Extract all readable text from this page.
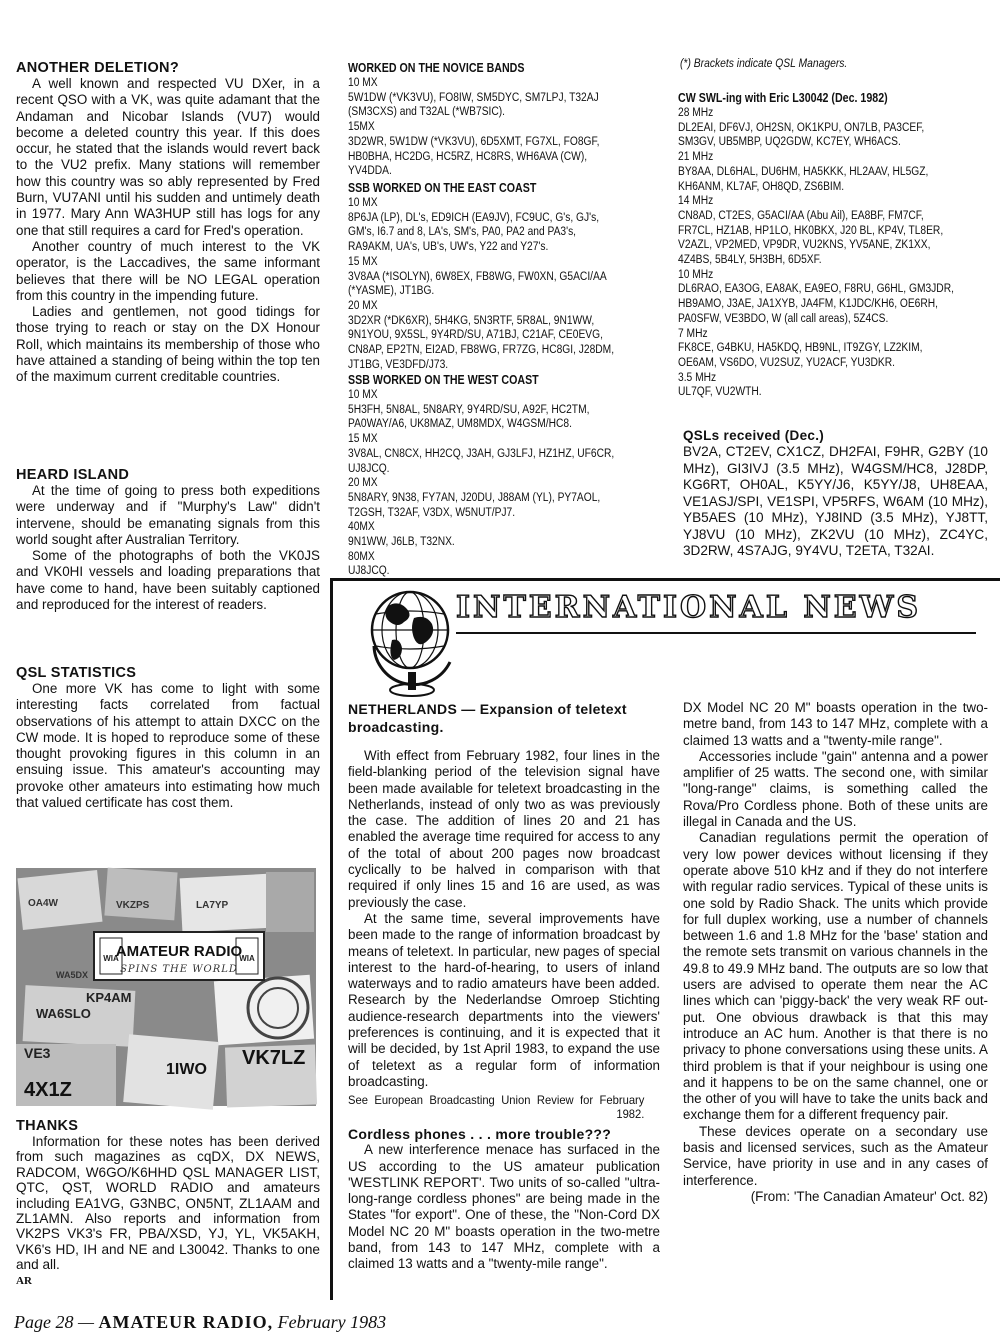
ANOTHER DELETION?

A well known and respected VU DXer, in a recent QSO with a VK, was quite adamant that the Andaman and Nicobar Islands (VU7) would become a deleted country this year. If this does occur, he stated that the islands would revert back to the VU2 prefix. Many stations will remember how this country was so ably represented by Fred Burn, VU7ANI until his sudden and untimely death in 1977. Mary Ann WA3HUP still has logs for any one that still requires a card for Fred's operation.

Another country of much interest to the VK operator, is the Laccadives, the same informant believes that there will be NO LEGAL operation from this country in the impending future.

Ladies and gentlemen, not good tidings for those trying to reach or stay on the DX Honour Roll, which maintains its membership of those who have attained a standing of being within the top ten of the maximum current creditable countries.

HEARD ISLAND

At the time of going to press both expeditions were underway and if "Murphy's Law" didn't intervene, should be emanating signals from this world sought after Australian Territory.

Some of the photographs of both the VK0JS and VK0HI vessels and loading preparations that have come to hand, have been suitably captioned and reproduced for the interest of readers.

QSL STATISTICS

One more VK has come to light with some interesting facts correlated from factual observations of his attempt to attain DXCC on the CW mode. It is hoped to reproduce some of these thought provoking figures in this column in an ensuing issue. This amateur's accounting may provoke other amateurs into estimating how much that valued certificate has cost them.

WIA	WIA
AMATEUR RADIO
SPINS THE WORLD
WA6SLO
KP4AM
VE3	VK7LZ
4X1Z
1IWO
VKZPS
OA4W	LA7YP
WA5DX
THANKS

Information for these notes has been derived from such magazines as cqDX, DX NEWS, RADCOM, W6GO/K6HHD QSL MANAGER LIST, QTC, QST, WORLD RADIO and amateurs including EA1VG, G3NBC, ON5NT, ZL1AAM and ZL1AMN. Also reports and information from VK2PS VK3's FR, PBA/XSD, YJ, YL, VK5AKH, VK6's HD, IH and NE and L30042. Thanks to one and all.

AR
WORKED ON THE NOVICE BANDS
10 MX
5W1DW (*VK3VU), FO8IW, SM5DYC, SM7LPJ, T32AJ
(SM3CXS) and T32AL (*WB7SIC).
15MX
3D2WR, 5W1DW (*VK3VU), 6D5XMT, FG7XL, FO8GF,
HB0BHA, HC2DG, HC5RZ, HC8RS, WH6AVA (CW),
YV4DDA.
SSB WORKED ON THE EAST COAST
10 MX
8P6JA (LP), DL's, ED9ICH (EA9JV), FC9UC, G's, GJ's,
GM's, I6.7 and 8, LA's, SM's, PA0, PA2 and PA3's,
RA9AKM, UA's, UB's, UW's, Y22 and Y27's.
15 MX
3V8AA (*ISOLYN), 6W8EX, FB8WG, FW0XN, G5ACI/AA
(*YASME), JT1BG.
20 MX
3D2XR (*DK6XR), 5H4KG, 5N3RTF, 5R8AL, 9N1WW,
9N1YOU, 9X5SL, 9Y4RD/SU, A71BJ, C21AF, CE0EVG,
CN8AP, EP2TN, EI2AD, FB8WG, FR7ZG, HC8GI, J28DM,
JT1BG, VE3DFD/J73.
SSB WORKED ON THE WEST COAST
10 MX
5H3FH, 5N8AL, 5N8ARY, 9Y4RD/SU, A92F, HC2TM,
PA0WAY/A6, UK8MAZ, UM8MDX, W4GSM/HC8.
15 MX
3V8AL, CN8CX, HH2CQ, J3AH, GJ3LFJ, HZ1HZ, UF6CR,
UJ8JCQ.
20 MX
5N8ARY, 9N38, FY7AN, J20DU, J88AM (YL), PY7AOL,
T2GSH, T32AF, V3DX, W5NUT/PJ7.
40MX
9N1WW, J6LB, T32NX.
80MX
UJ8JCQ.
(*) Brackets indicate QSL Managers.
CW SWL-ing with Eric L30042 (Dec. 1982)
28 MHz
DL2EAI, DF6VJ, OH2SN, OK1KPU, ON7LB, PA3CEF,
SM3GV, UB5MBP, UQ2GDW, KC7EY, WH6ACS.
21 MHz
BY8AA, DL6HAL, DU6HM, HA5KKK, HL2AAV, HL5GZ,
KH6ANM, KL7AF, OH8QD, ZS6BIM.
14 MHz
CN8AD, CT2ES, G5ACI/AA (Abu Ail), EA8BF, FM7CF,
FR7CL, HZ1AB, HP1LO, HK0BKX, J20 BL, KP4V, TL8ER,
V2AZL, VP2MED, VP9DR, VU2KNS, YV5ANE, ZK1XX,
4Z4BS, 5B4LY, 5H3BH, 6D5XF.
10 MHz
DL6RAO, EA3OG, EA8AK, EA9EO, F8RU, G6HL, GM3JDR,
HB9AMO, J3AE, JA1XYB, JA4FM, K1JDC/KH6, OE6RH,
PA0SFW, VE3BDO, W (all call areas), 5Z4CS.
7 MHz
FK8CE, G4BKU, HA5KDQ, HB9NL, IT9ZGY, LZ2KIM,
OE6AM, VS6DO, VU2SUZ, YU2ACF, YU3DKR.
3.5 MHz
UL7QF, VU2WTH.
QSLs received (Dec.)
BV2A, CT2EV, CX1CZ, DH2FAI, F9HR, G2BY (10 MHz), GI3IVJ (3.5 MHz), W4GSM/HC8, J28DP, KG6RT, OH0AL, K5YY/J6, K5YY/J8, UH8EAA, VE1ASJ/SPI, VE1SPI, VP5RFS, W6AM (10 MHz), YB5AES (10 MHz), YJ8IND (3.5 MHz), YJ8TT, YJ8VU (10 MHz), ZK2VU (10 MHz), ZC4YC, 3D2RW, 4S7AJG, 9Y4VU, T2ETA, T32AI.
INTERNATIONAL NEWS
NETHERLANDS — Expansion of teletext broadcasting.

With effect from February 1982, four lines in the field-blanking period of the television signal have been made available for teletext broadcasting in the Netherlands, instead of only two as was previously the case. The addition of lines 20 and 21 has enabled the average time required for access to any of the total of about 200 pages now broadcast cyclically to be halved in comparison with that required if only lines 15 and 16 are used, as was previously the case.

At the same time, several improvements have been made to the range of information broadcast by means of teletext. In particular, new pages of special interest to the hard-of-hearing, to users of inland waterways and to radio amateurs have been added. Research by the Nederlandse Omroep Stichting audience-research departments into the viewers' preferences is continuing, and it is expected that it will be decided, by 1st April 1983, to expand the use of teletext as a regular form of information broadcasting.

See European Broadcasting Union Review for February 1982.
Cordless phones . . . more trouble???

A new interference menace has surfaced in the US according to the US amateur publication 'WESTLINK REPORT'. Two units of so-called "ultra-long-range cordless phones" are being made in the States "for export". One of these, the "Non-Cord DX Model NC 20 M" boasts operation in the two-metre band, from 143 to 147 MHz, complete with a claimed 13 watts and a "twenty-mile range".

DX Model NC 20 M" boasts operation in the two-metre band, from 143 to 147 MHz, complete with a claimed 13 watts and a "twenty-mile range".

Accessories include "gain" antenna and a power amplifier of 25 watts. The second one, with similar "long-range" claims, is something called the Rova/Pro Cordless phone. Both of these units are illegal in Canada and the US.

Canadian regulations permit the operation of very low power devices without licensing if they operate above 510 kHz and if they do not interfere with regular radio services. Typical of these units is one sold by Radio Shack. The units which provide for full duplex working, use a number of channels between 1.6 and 1.8 MHz for the 'base' station and the remote sets transmit on various channels in the 49.8 to 49.9 MHz band. The outputs are so low that users are advised to operate them near the AC lines which can 'piggy-back' the very weak RF out-put. One obvious drawback is that this may introduce an AC hum. Another is that there is no privacy to phone conversations using these units. A third problem is that if your neighbour is using one and it happens to be on the same channel, one or the other of you will have to take the units back and exchange them for a different frequency pair.

These devices operate on a secondary use basis and licensed services, such as the Amateur Service, have priority in use and in any cases of interference.

(From: 'The Canadian Amateur' Oct. 82)

Page 28 — AMATEUR RADIO, February 1983
